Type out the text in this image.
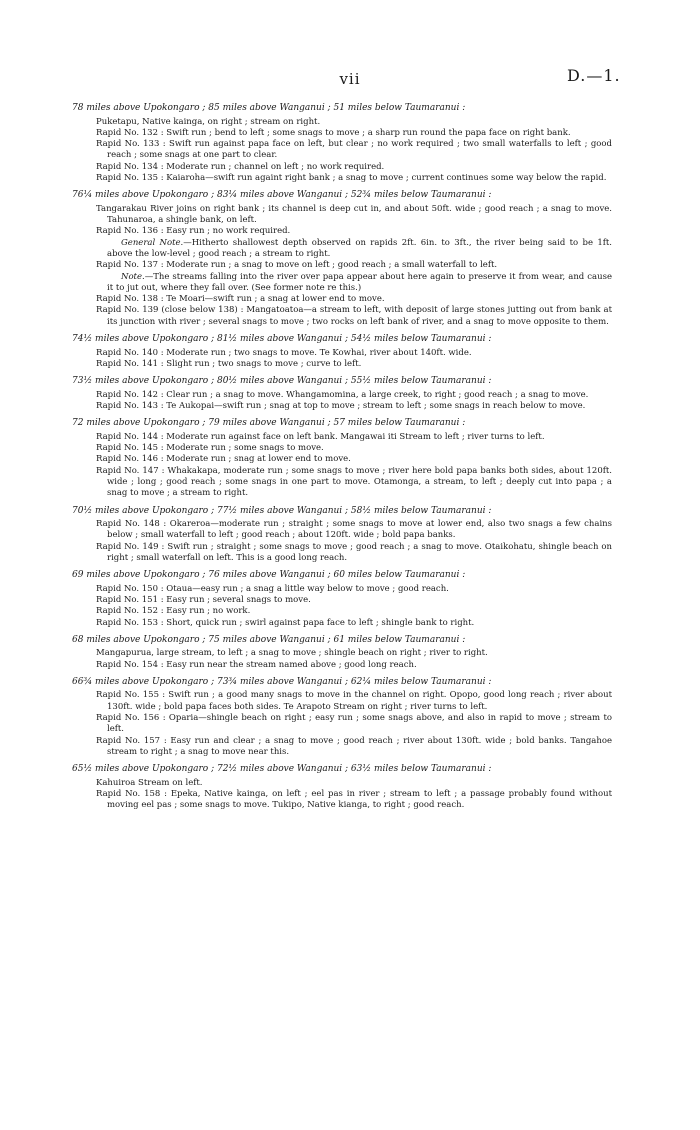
vii	D.—1.
78 miles above Upokongaro ; 85 miles above Wanganui ; 51 miles below Taumaranui :
Puketapu, Native kainga, on right ; stream on right.
Rapid No. 132 : Swift run ; bend to left ; some snags to move ; a sharp run round the papa face on right bank.
Rapid No. 133 : Swift run against papa face on left, but clear ; no work required ; two small waterfalls to left ; good reach ; some snags at one part to clear.
Rapid No. 134 : Moderate run ; channel on left ; no work required.
Rapid No. 135 : Kaiaroha—swift run againt right bank ; a snag to move ; current continues some way below the rapid.
76¼ miles above Upokongaro ; 83¼ miles above Wanganui ; 52¾ miles below Taumaranui :
Tangarakau River joins on right bank ; its channel is deep cut in, and about 50ft. wide ; good reach ; a snag to move. Tahunaroa, a shingle bank, on left.
Rapid No. 136 : Easy run ; no work required.
General Note.—Hitherto shallowest depth observed on rapids 2ft. 6in. to 3ft., the river being said to be 1ft. above the low-level ; good reach ; a stream to right.
Rapid No. 137 : Moderate run ; a snag to move on left ; good reach ; a small waterfall to left.
Note.—The streams falling into the river over papa appear about here again to preserve it from wear, and cause it to jut out, where they fall over. (See former note re this.)
Rapid No. 138 : Te Moari—swift run ; a snag at lower end to move.
Rapid No. 139 (close below 138) : Mangatoatoa—a stream to left, with deposit of large stones jutting out from bank at its junction with river ; several snags to move ; two rocks on left bank of river, and a snag to move opposite to them.
74½ miles above Upokongaro ; 81½ miles above Wanganui ; 54½ miles below Taumaranui :
Rapid No. 140 : Moderate run ; two snags to move. Te Kowhai, river about 140ft. wide.
Rapid No. 141 : Slight run ; two snags to move ; curve to left.
73½ miles above Upokongaro ; 80½ miles above Wanganui ; 55½ miles below Taumaranui :
Rapid No. 142 : Clear run ; a snag to move. Whangamomina, a large creek, to right ; good reach ; a snag to move.
Rapid No. 143 : Te Aukopai—swift run ; snag at top to move ; stream to left ; some snags in reach below to move.
72 miles above Upokongaro ; 79 miles above Wanganui ; 57 miles below Taumaranui :
Rapid No. 144 : Moderate run against face on left bank. Mangawai iti Stream to left ; river turns to left.
Rapid No. 145 : Moderate run ; some snags to move.
Rapid No. 146 : Moderate run ; snag at lower end to move.
Rapid No. 147 : Whakakapa, moderate run ; some snags to move ; river here bold papa banks both sides, about 120ft. wide ; long ; good reach ; some snags in one part to move. Otamonga, a stream, to left ; deeply cut into papa ; a snag to move ; a stream to right.
70½ miles above Upokongaro ; 77½ miles above Wanganui ; 58½ miles below Taumaranui :
Rapid No. 148 : Okareroa—moderate run ; straight ; some snags to move at lower end, also two snags a few chains below ; small waterfall to left ; good reach ; about 120ft. wide ; bold papa banks.
Rapid No. 149 : Swift run ; straight ; some snags to move ; good reach ; a snag to move. Otaikohatu, shingle beach on right ; small waterfall on left. This is a good long reach.
69 miles above Upokongaro ; 76 miles above Wanganui ; 60 miles below Taumaranui :
Rapid No. 150 : Otaua—easy run ; a snag a little way below to move ; good reach.
Rapid No. 151 : Easy run ; several snags to move.
Rapid No. 152 : Easy run ; no work.
Rapid No. 153 : Short, quick run ; swirl against papa face to left ; shingle bank to right.
68 miles above Upokongaro ; 75 miles above Wanganui ; 61 miles below Taumaranui :
Mangapurua, large stream, to left ; a snag to move ; shingle beach on right ; river to right.
Rapid No. 154 : Easy run near the stream named above ; good long reach.
66¾ miles above Upokongaro ; 73¾ miles above Wanganui ; 62¼ miles below Taumaranui :
Rapid No. 155 : Swift run ; a good many snags to move in the channel on right. Opopo, good long reach ; river about 130ft. wide ; bold papa faces both sides. Te Arapoto Stream on right ; river turns to left.
Rapid No. 156 : Oparia—shingle beach on right ; easy run ; some snags above, and also in rapid to move ; stream to left.
Rapid No. 157 : Easy run and clear ; a snag to move ; good reach ; river about 130ft. wide ; bold banks. Tangahoe stream to right ; a snag to move near this.
65½ miles above Upokongaro ; 72½ miles above Wanganui ; 63½ miles below Taumaranui :
Kahuiroa Stream on left.
Rapid No. 158 : Epeka, Native kainga, on left ; eel pas in river ; stream to left ; a passage probably found without moving eel pas ; some snags to move. Tukipo, Native kianga, to right ; good reach.
